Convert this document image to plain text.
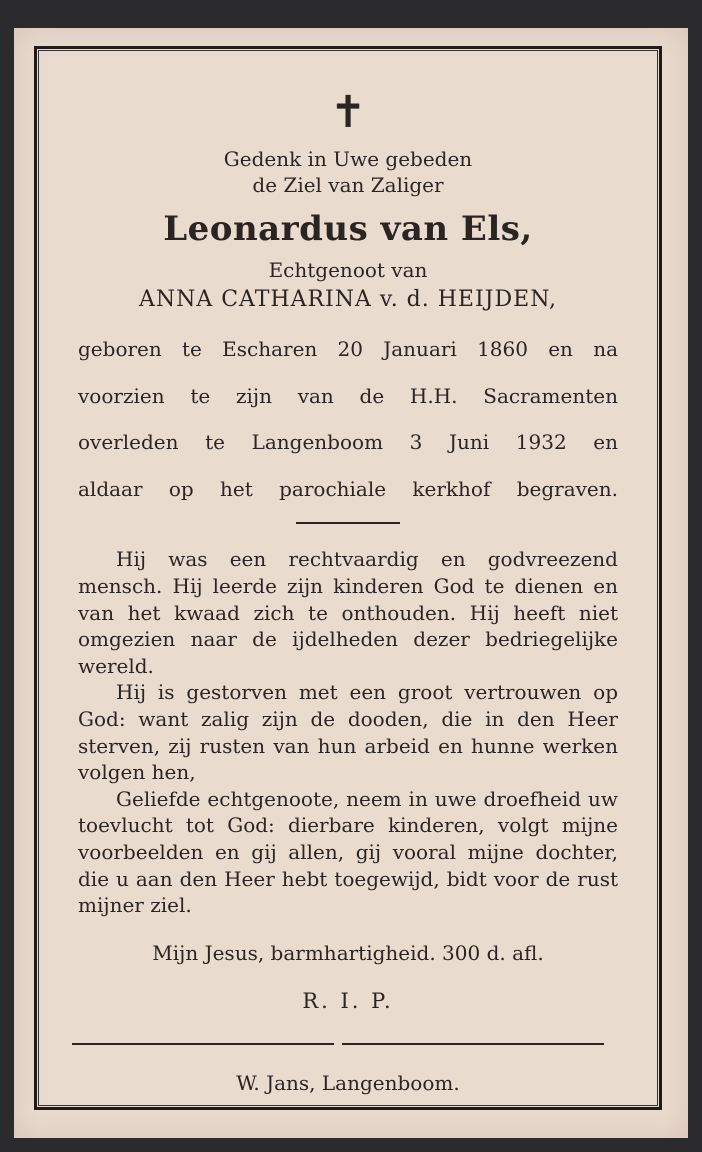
✝
Gedenk in Uwe gebeden
de Ziel van Zaliger
Leonardus van Els,
Echtgenoot van
ANNA CATHARINA v. d. HEIJDEN,

geboren te Escharen 20 Januari 1860 en na

voorzien te zijn van de H.H. Sacramenten

overleden te Langenboom 3 Juni 1932 en

aldaar op het parochiale kerkhof begraven.

Hij was een rechtvaardig en godvreezend mensch. Hij leerde zijn kinderen God te dienen en van het kwaad zich te onthouden. Hij heeft niet omgezien naar de ijdelheden dezer bedriegelijke wereld.

Hij is gestorven met een groot vertrouwen op God: want zalig zijn de dooden, die in den Heer sterven, zij rusten van hun arbeid en hunne werken volgen hen,

Geliefde echtgenoote, neem in uwe droefheid uw toevlucht tot God: dierbare kinderen, volgt mijne voorbeelden en gij allen, gij vooral mijne dochter, die u aan den Heer hebt toegewijd, bidt voor de rust mijner ziel.

Mijn Jesus, barmhartigheid. 300 d. afl.
R. I. P.
W. Jans, Langenboom.
